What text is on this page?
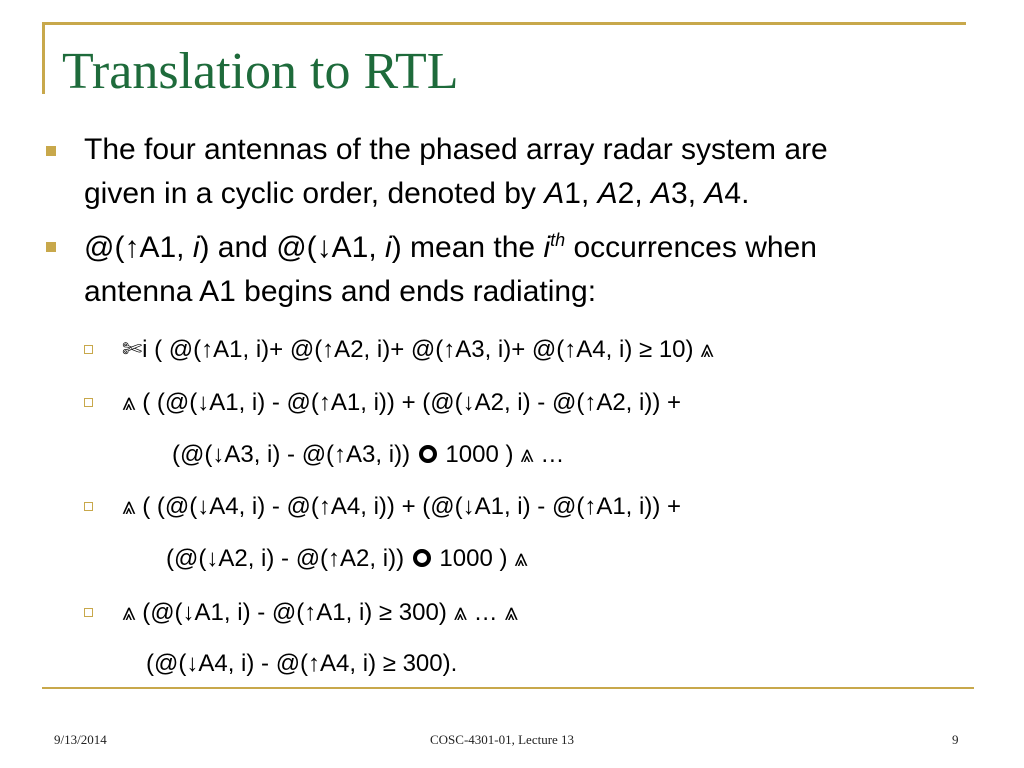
Translation to RTL
The four antennas of the phased array radar system are
given in a cyclic order, denoted by A1, A2, A3, A4.
@(↑A1, i) and @(↓A1, i) mean the $i^{th}$ occurrences when
antenna A1 begins and ends radiating:
✄i ( @(↑A1, i)+ @(↑A2, i)+ @(↑A3, i)+ @(↑A4, i) ≥ 10) ⩓
⩓ ( (@(↓A1, i) - @(↑A1, i)) + (@(↓A2, i) - @(↑A2, i)) +
(@(↓A3, i) - @(↑A3, i)) 1000 ) ⩓ …
⩓ ( (@(↓A4, i) - @(↑A4, i)) + (@(↓A1, i) - @(↑A1, i)) +
(@(↓A2, i) - @(↑A2, i)) 1000 ) ⩓
⩓ (@(↓A1, i) - @(↑A1, i) ≥ 300) ⩓ … ⩓
(@(↓A4, i) - @(↑A4, i) ≥ 300).
9/13/2014	COSC-4301-01, Lecture 13	9
